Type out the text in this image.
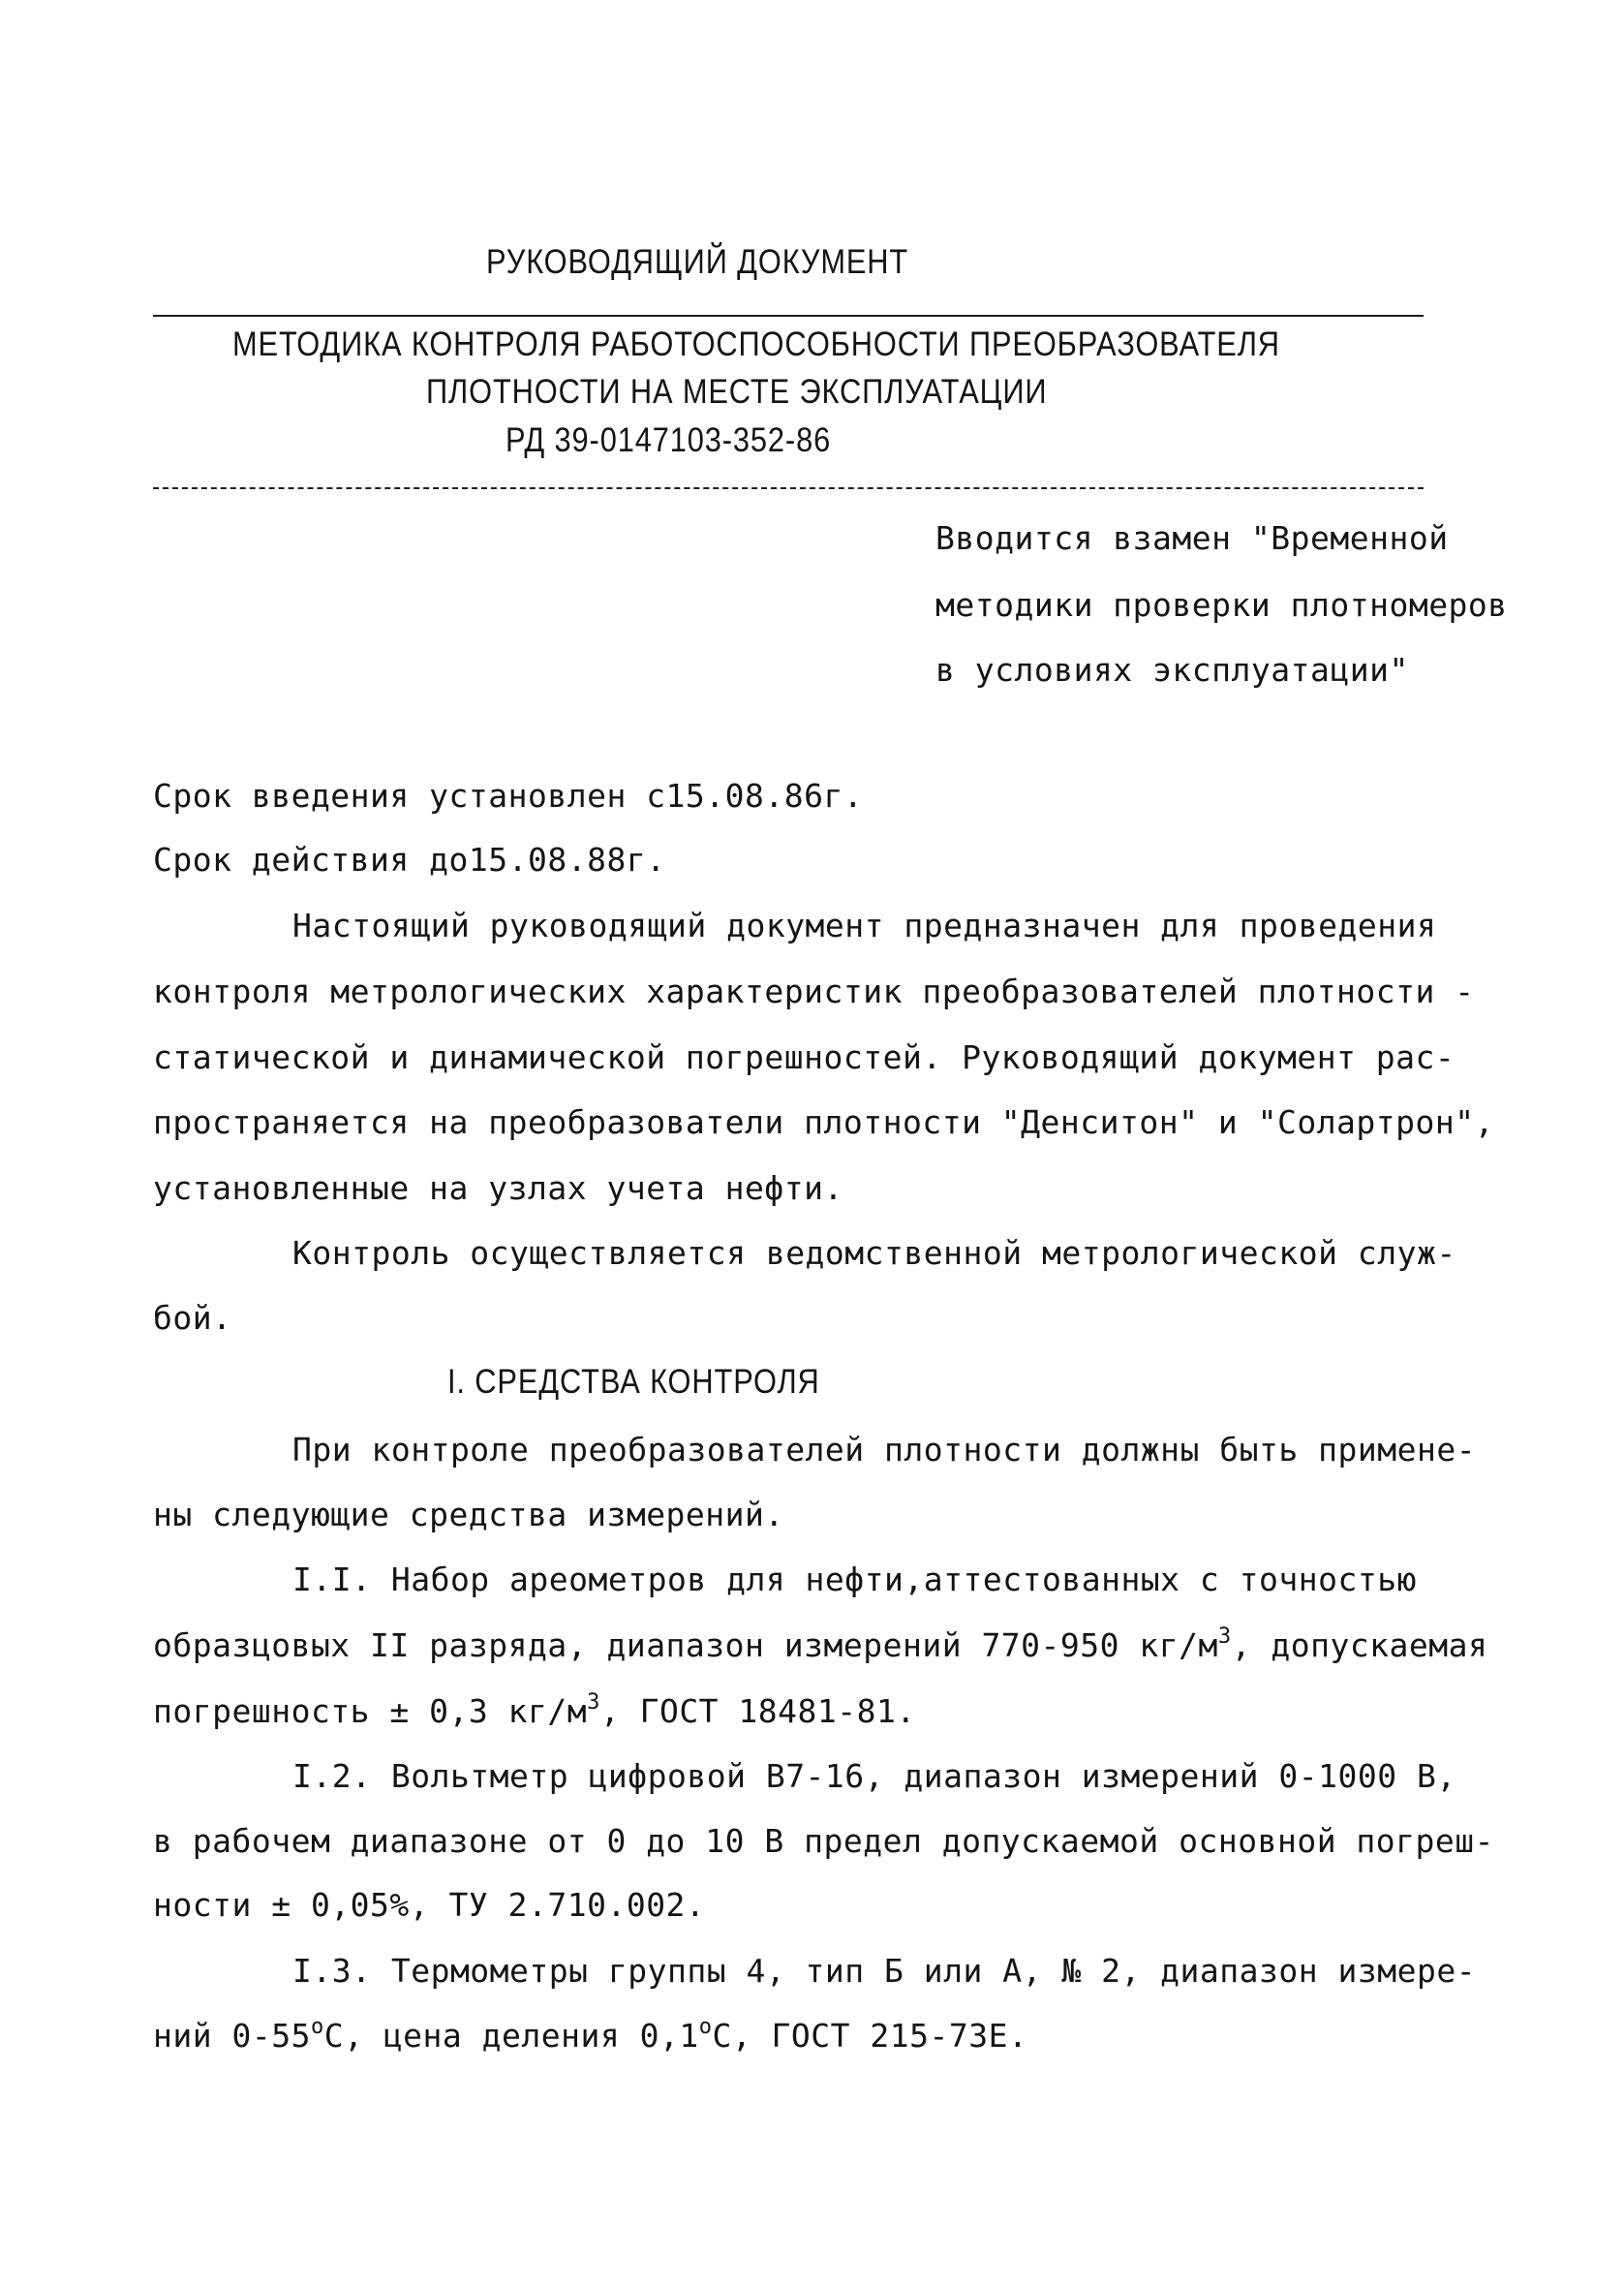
РУКОВОДЯЩИЙ ДОКУМЕНТ
МЕТОДИКА КОНТРОЛЯ РАБОТОСПОСОБНОСТИ ПРЕОБРАЗОВАТЕЛЯ
ПЛОТНОСТИ НА МЕСТЕ ЭКСПЛУАТАЦИИ
РД 39-0147103-352-86
Вводится взамен "Временной
методики проверки плотномеров
в условиях эксплуатации"
Срок введения установлен с15.08.86г.
Срок действия до15.08.88г.
Настоящий руководящий документ предназначен для проведения
контроля метрологических характеристик преобразователей плотности -
статической и динамической погрешностей. Руководящий документ рас-
пространяется на преобразователи плотности "Денситон" и "Солартрон",
установленные на узлах учета нефти.
Контроль осуществляется ведомственной метрологической служ-
бой.
I. СРЕДСТВА КОНТРОЛЯ
При контроле преобразователей плотности должны быть примене-
ны следующие средства измерений.
I.I. Набор ареометров для нефти,аттестованных с точностью
образцовых II разряда, диапазон измерений 770-950 $кг/м^3$, допускаемая
погрешность ± 0,3 $кг/м^3$, ГОСТ 18481-81.
I.2. Вольтметр цифровой В7-16, диапазон измерений 0-1000 В,
в рабочем диапазоне от 0 до 10 В предел допускаемой основной погреш-
ности ± 0,05%, ТУ 2.710.002.
I.3. Термометры группы 4, тип Б или А, № 2, диапазон измере-
ний $0-55^оС$, цена деления $0,1^оС$, ГОСТ 215-73Е.
